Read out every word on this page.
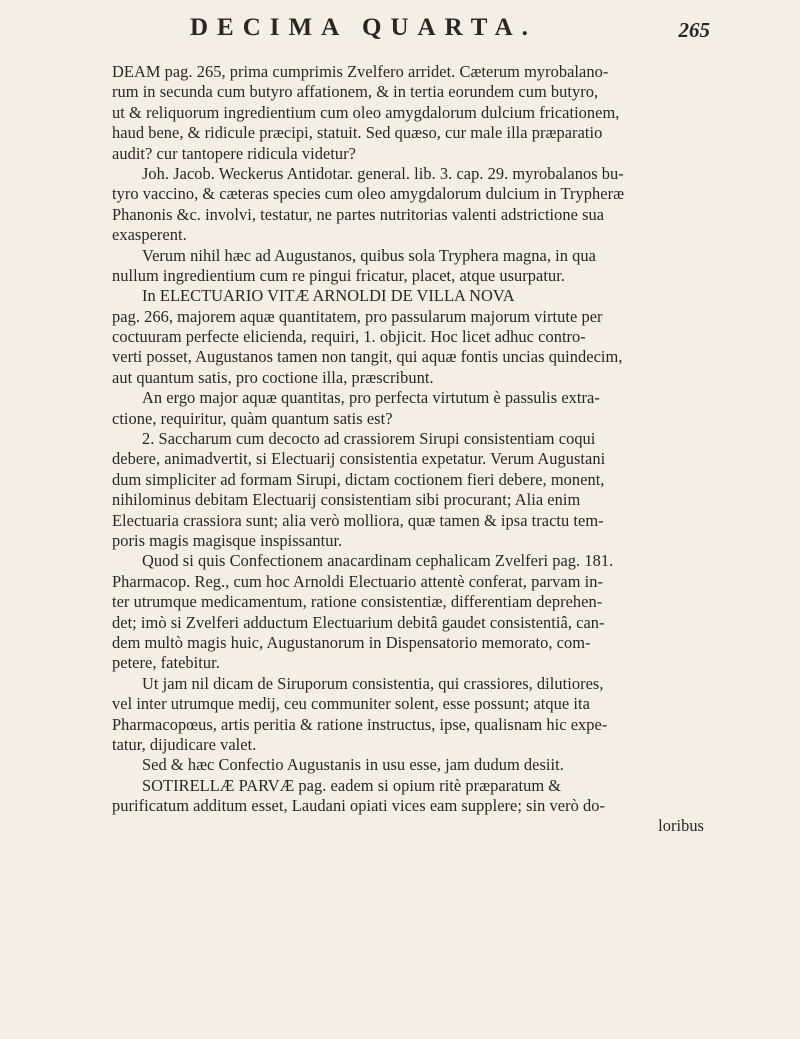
DECIMA QUARTA.	265
DEAM pag. 265, prima cumprimis Zvelfero arridet. Cæterum myrobalano-
rum in secunda cum butyro affationem, & in tertia eorundem cum butyro,
ut & reliquorum ingredientium cum oleo amygdalorum dulcium fricationem,
haud bene, & ridicule præcipi, statuit. Sed quæso, cur male illa præparatio
audit? cur tantopere ridicula videtur?
Joh. Jacob. Weckerus Antidotar. general. lib. 3. cap. 29. myrobalanos bu-
tyro vaccino, & cæteras species cum oleo amygdalorum dulcium in Trypheræ
Phanonis &c. involvi, testatur, ne partes nutritorias valenti adstrictione sua
exasperent.
Verum nihil hæc ad Augustanos, quibus sola Tryphera magna, in qua
nullum ingredientium cum re pingui fricatur, placet, atque usurpatur.
In ELECTUARIO VITÆ ARNOLDI DE VILLA NOVA
pag. 266, majorem aquæ quantitatem, pro passularum majorum virtute per
coctuuram perfecte elicienda, requiri, 1. objicit. Hoc licet adhuc contro-
verti posset, Augustanos tamen non tangit, qui aquæ fontis uncias quindecim,
aut quantum satis, pro coctione illa, præscribunt.
An ergo major aquæ quantitas, pro perfecta virtutum è passulis extra-
ctione, requiritur, quàm quantum satis est?
2. Saccharum cum decocto ad crassiorem Sirupi consistentiam coqui
debere, animadvertit, si Electuarij consistentia expetatur. Verum Augustani
dum simpliciter ad formam Sirupi, dictam coctionem fieri debere, monent,
nihilominus debitam Electuarij consistentiam sibi procurant; Alia enim
Electuaria crassiora sunt; alia verò molliora, quæ tamen & ipsa tractu tem-
poris magis magisque inspissantur.
Quod si quis Confectionem anacardinam cephalicam Zvelferi pag. 181.
Pharmacop. Reg., cum hoc Arnoldi Electuario attentè conferat, parvam in-
ter utrumque medicamentum, ratione consistentiæ, differentiam deprehen-
det; imò si Zvelferi adductum Electuarium debitâ gaudet consistentiâ, can-
dem multò magis huic, Augustanorum in Dispensatorio memorato, com-
petere, fatebitur.
Ut jam nil dicam de Siruporum consistentia, qui crassiores, dilutiores,
vel inter utrumque medij, ceu communiter solent, esse possunt; atque ita
Pharmacopœus, artis peritia & ratione instructus, ipse, qualisnam hic expe-
tatur, dijudicare valet.
Sed & hæc Confectio Augustanis in usu esse, jam dudum desiit.
SOTIRELLÆ PARVÆ pag. eadem si opium ritè præparatum &
purificatum additum esset, Laudani opiati vices eam supplere; sin verò do-
loribus
